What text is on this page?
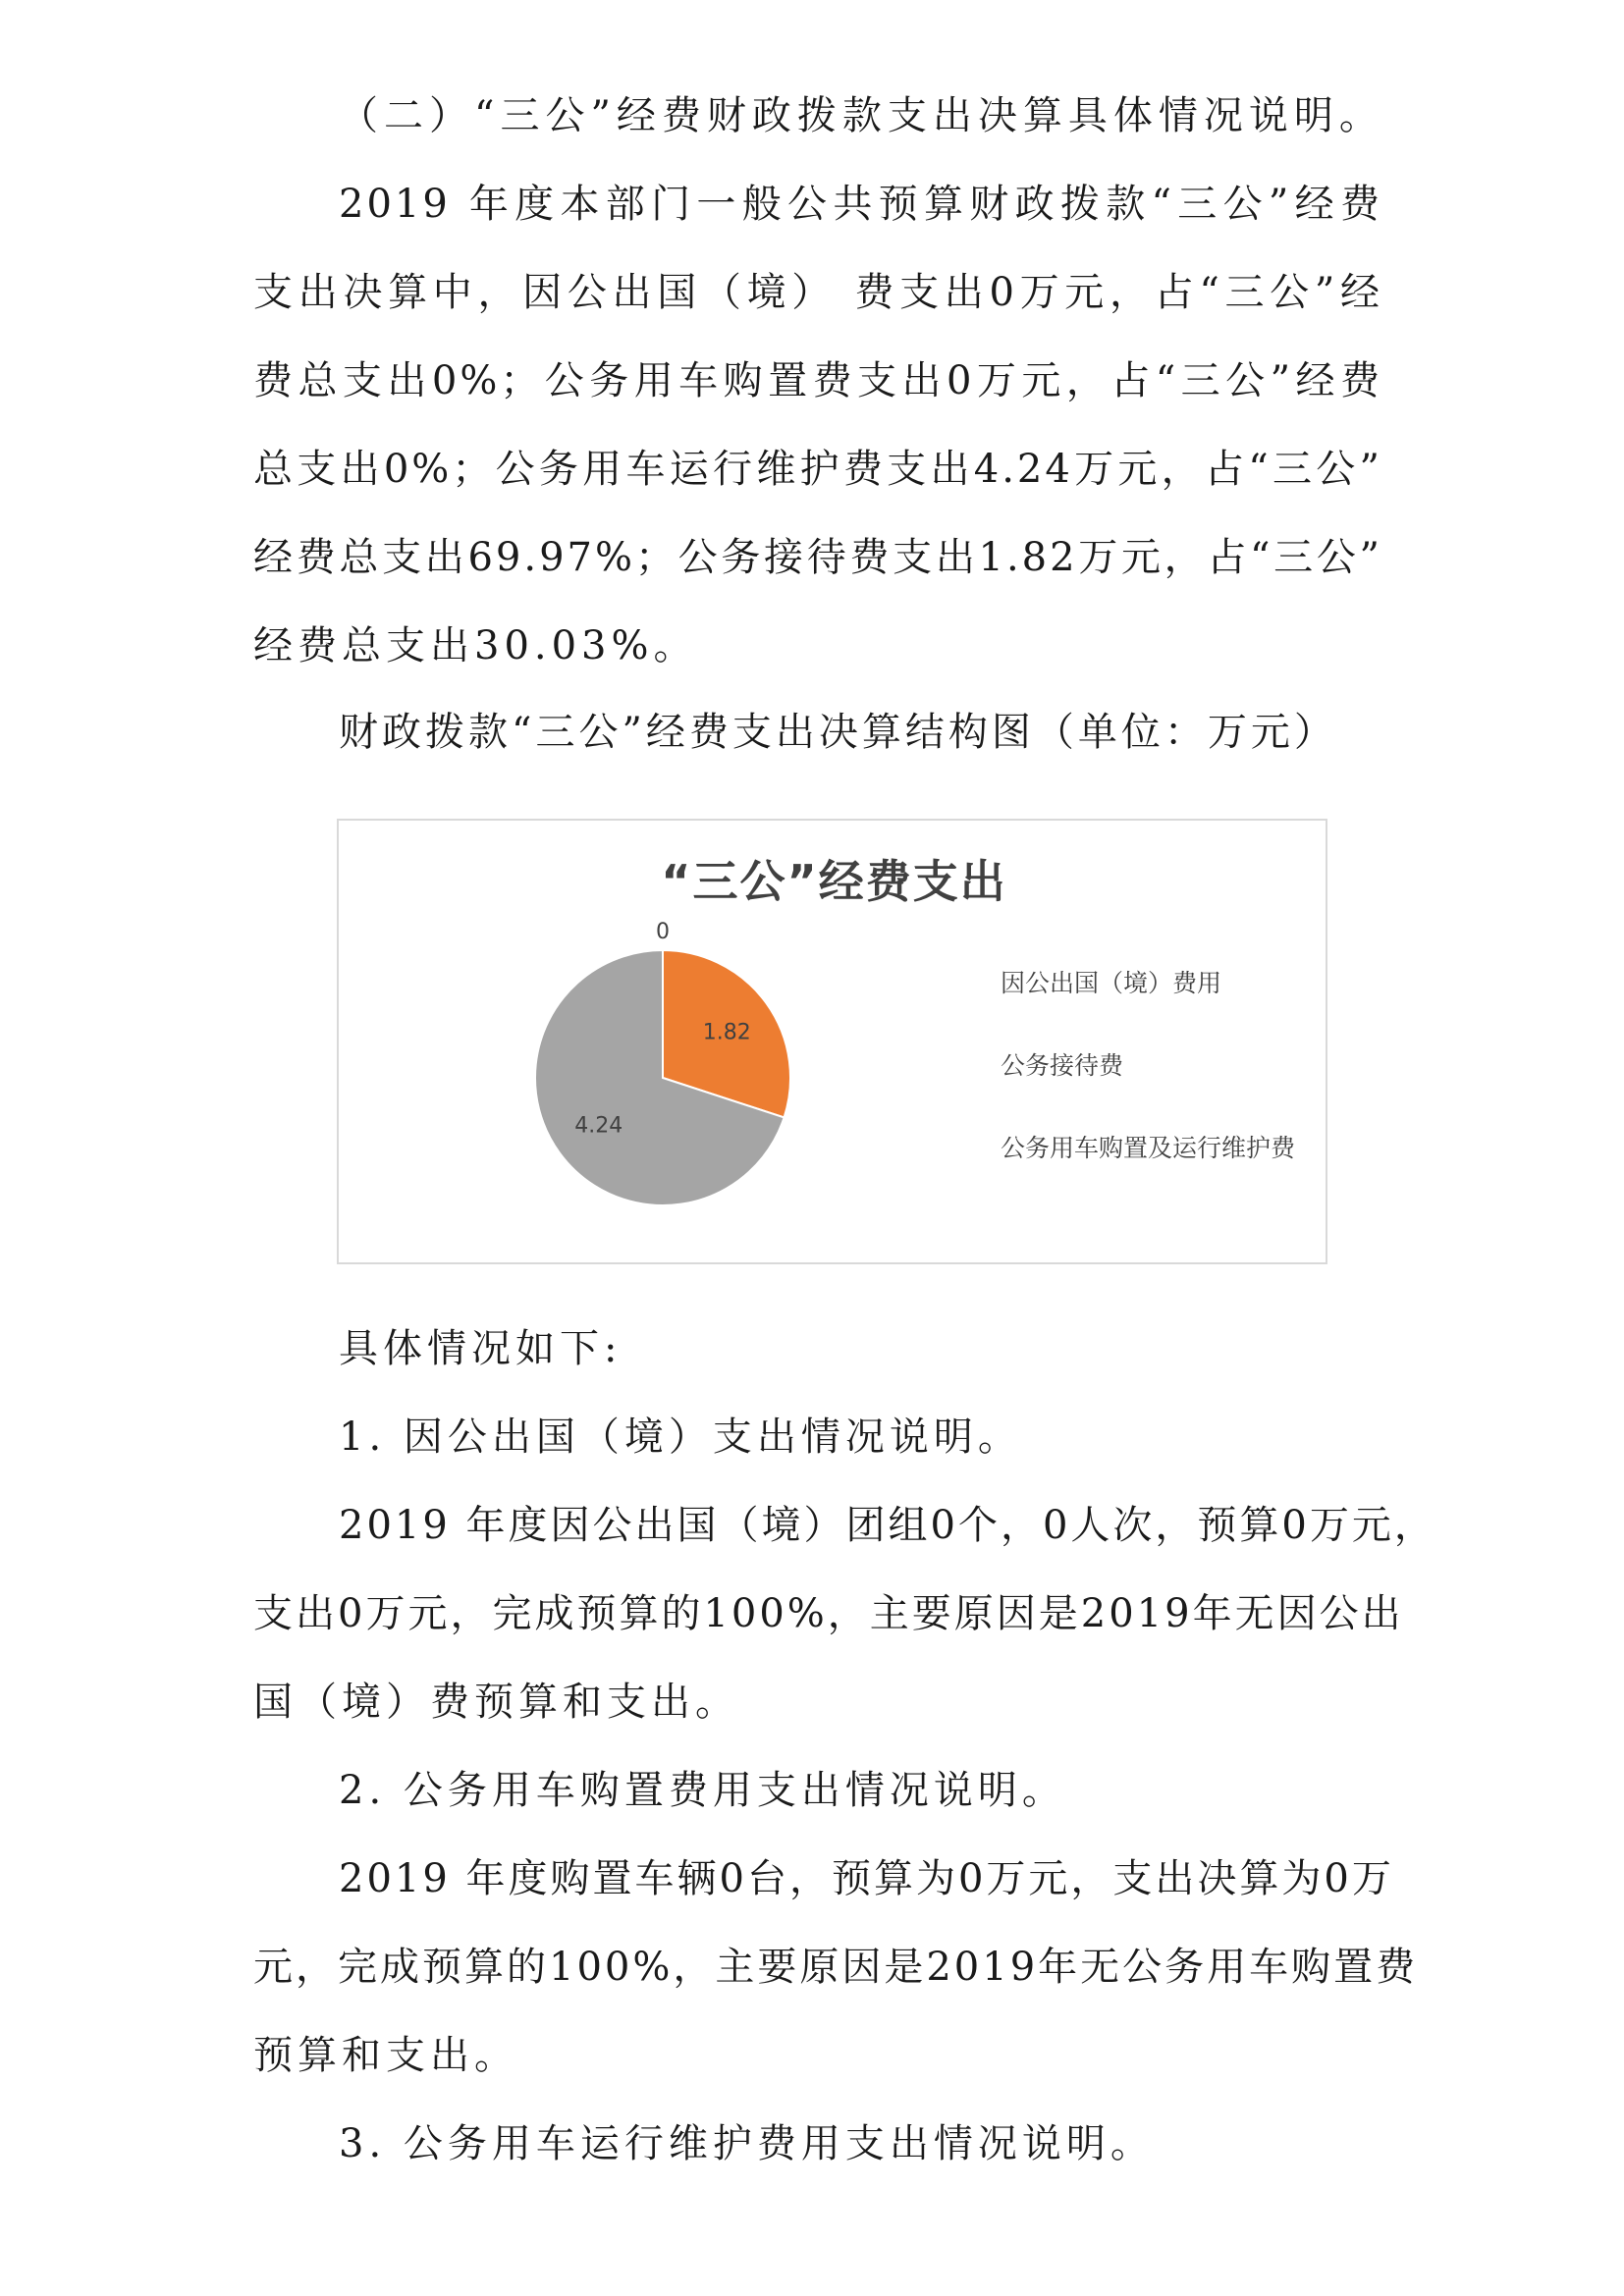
（二）“三公”经费财政拨款支出决算具体情况说明。
2019 年度本部门一般公共预算财政拨款“三公”经费
支出决算中，因公出国（境） 费支出0万元，占“三公”经
费总支出0%；公务用车购置费支出0万元，占“三公”经费
总支出0%；公务用车运行维护费支出4.24万元，占“三公”
经费总支出69.97%；公务接待费支出1.82万元，占“三公”
经费总支出30.03%。
财政拨款“三公”经费支出决算结构图（单位：万元）
“三公”经费支出
0
1.82
4.24
因公出国（境）费用
公务接待费
公务用车购置及运行维护费
具体情况如下:
1. 因公出国（境）支出情况说明。
2019 年度因公出国（境）团组0个，0人次，预算0万元，
支出0万元，完成预算的100%，主要原因是2019年无因公出
国（境）费预算和支出。
2. 公务用车购置费用支出情况说明。
2019 年度购置车辆0台，预算为0万元，支出决算为0万
元，完成预算的100%，主要原因是2019年无公务用车购置费
预算和支出。
3. 公务用车运行维护费用支出情况说明。
